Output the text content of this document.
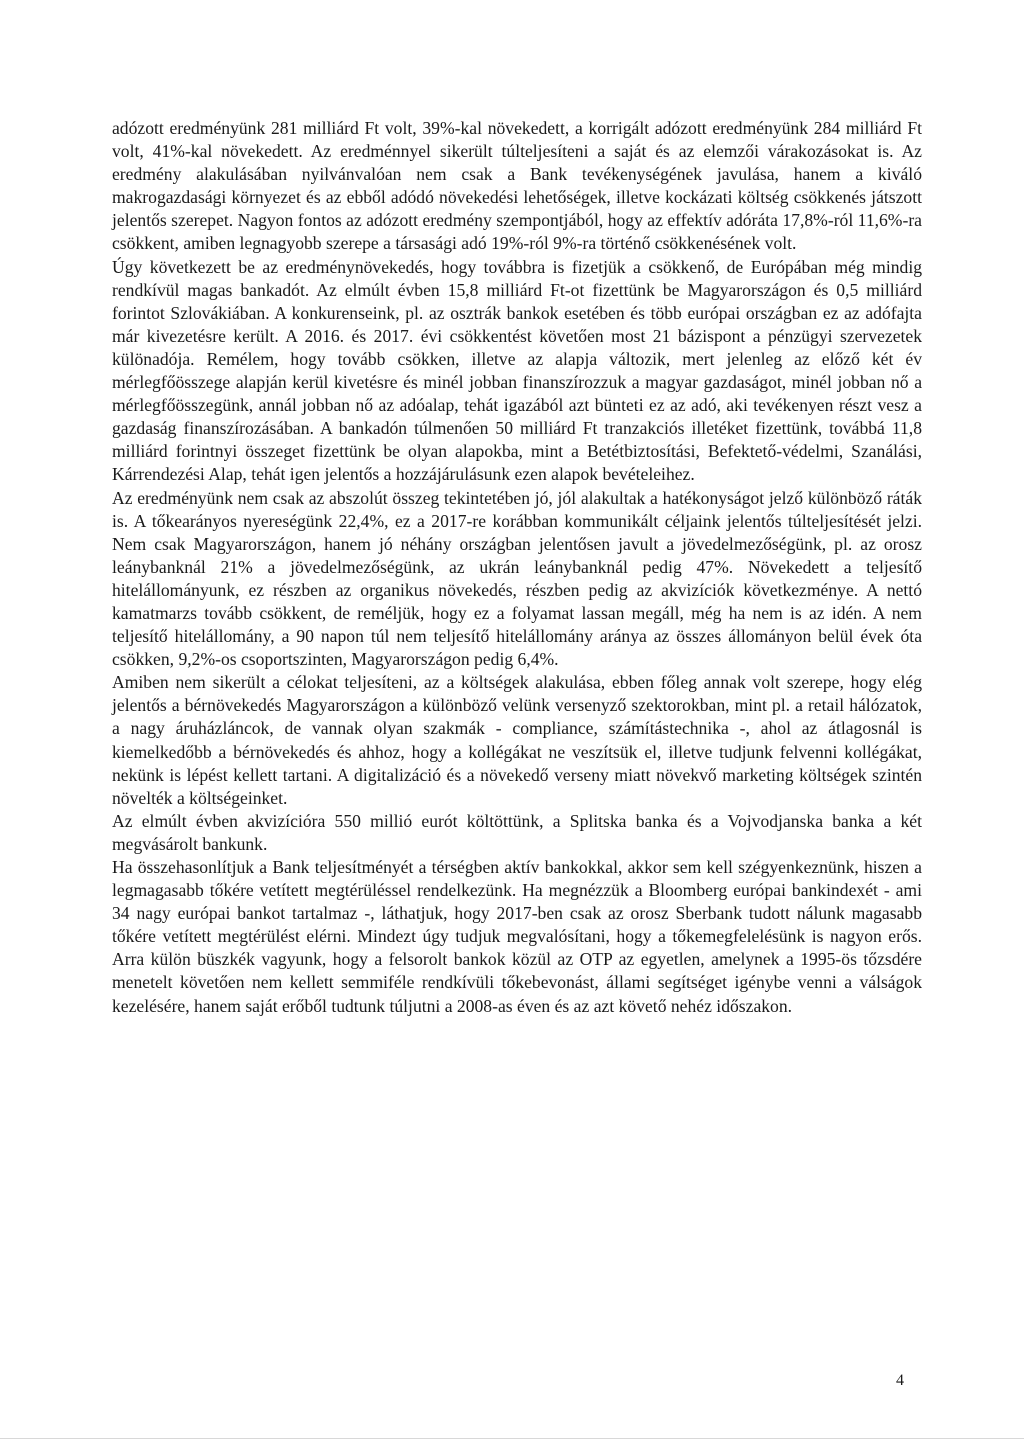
adózott eredményünk 281 milliárd Ft volt, 39%-kal növekedett, a korrigált adózott eredményünk 284 milliárd Ft volt, 41%-kal növekedett. Az eredménnyel sikerült túlteljesíteni a saját és az elemzői várakozásokat is. Az eredmény alakulásában nyilvánvalóan nem csak a Bank tevékenységének javulása, hanem a kiváló makrogazdasági környezet és az ebből adódó növekedési lehetőségek, illetve kockázati költség csökkenés játszott jelentős szerepet. Nagyon fontos az adózott eredmény szempontjából, hogy az effektív adóráta 17,8%-ról 11,6%-ra csökkent, amiben legnagyobb szerepe a társasági adó 19%-ról 9%-ra történő csökkenésének volt.

Úgy következett be az eredménynövekedés, hogy továbbra is fizetjük a csökkenő, de Európában még mindig rendkívül magas bankadót. Az elmúlt évben 15,8 milliárd Ft-ot fizettünk be Magyarországon és 0,5 milliárd forintot Szlovákiában. A konkurenseink, pl. az osztrák bankok esetében és több európai országban ez az adófajta már kivezetésre került. A 2016. és 2017. évi csökkentést követően most 21 bázispont a pénzügyi szervezetek különadója. Remélem, hogy tovább csökken, illetve az alapja változik, mert jelenleg az előző két év mérlegfőösszege alapján kerül kivetésre és minél jobban finanszírozzuk a magyar gazdaságot, minél jobban nő a mérlegfőösszegünk, annál jobban nő az adóalap, tehát igazából azt bünteti ez az adó, aki tevékenyen részt vesz a gazdaság finanszírozásában. A bankadón túlmenően 50 milliárd Ft tranzakciós illetéket fizettünk, továbbá 11,8 milliárd forintnyi összeget fizettünk be olyan alapokba, mint a Betétbiztosítási, Befektető-védelmi, Szanálási, Kárrendezési Alap, tehát igen jelentős a hozzájárulásunk ezen alapok bevételeihez.

Az eredményünk nem csak az abszolút összeg tekintetében jó, jól alakultak a hatékonyságot jelző különböző ráták is. A tőkearányos nyereségünk 22,4%, ez a 2017-re korábban kommunikált céljaink jelentős túlteljesítését jelzi. Nem csak Magyarországon, hanem jó néhány országban jelentősen javult a jövedelmezőségünk, pl. az orosz leánybanknál 21% a jövedelmezőségünk, az ukrán leánybanknál pedig 47%. Növekedett a teljesítő hitelállományunk, ez részben az organikus növekedés, részben pedig az akvizíciók következménye. A nettó kamatmarzs tovább csökkent, de reméljük, hogy ez a folyamat lassan megáll, még ha nem is az idén. A nem teljesítő hitelállomány, a 90 napon túl nem teljesítő hitelállomány aránya az összes állományon belül évek óta csökken, 9,2%-os csoportszinten, Magyarországon pedig 6,4%.

Amiben nem sikerült a célokat teljesíteni, az a költségek alakulása, ebben főleg annak volt szerepe, hogy elég jelentős a bérnövekedés Magyarországon a különböző velünk versenyző szektorokban, mint pl. a retail hálózatok, a nagy áruházláncok, de vannak olyan szakmák - compliance, számítástechnika -, ahol az átlagosnál is kiemelkedőbb a bérnövekedés és ahhoz, hogy a kollégákat ne veszítsük el, illetve tudjunk felvenni kollégákat, nekünk is lépést kellett tartani. A digitalizáció és a növekedő verseny miatt növekvő marketing költségek szintén növelték a költségeinket.

Az elmúlt évben akvizícióra 550 millió eurót költöttünk, a Splitska banka és a Vojvodjanska banka a két megvásárolt bankunk.

Ha összehasonlítjuk a Bank teljesítményét a térségben aktív bankokkal, akkor sem kell szégyenkeznünk, hiszen a legmagasabb tőkére vetített megtérüléssel rendelkezünk. Ha megnézzük a Bloomberg európai bankindexét - ami 34 nagy európai bankot tartalmaz -, láthatjuk, hogy 2017-ben csak az orosz Sberbank tudott nálunk magasabb tőkére vetített megtérülést elérni. Mindezt úgy tudjuk megvalósítani, hogy a tőkemegfelelésünk is nagyon erős. Arra külön büszkék vagyunk, hogy a felsorolt bankok közül az OTP az egyetlen, amelynek a 1995-ös tőzsdére menetelt követően nem kellett semmiféle rendkívüli tőkebevonást, állami segítséget igénybe venni a válságok kezelésére, hanem saját erőből tudtunk túljutni a 2008-as éven és az azt követő nehéz időszakon.

4
